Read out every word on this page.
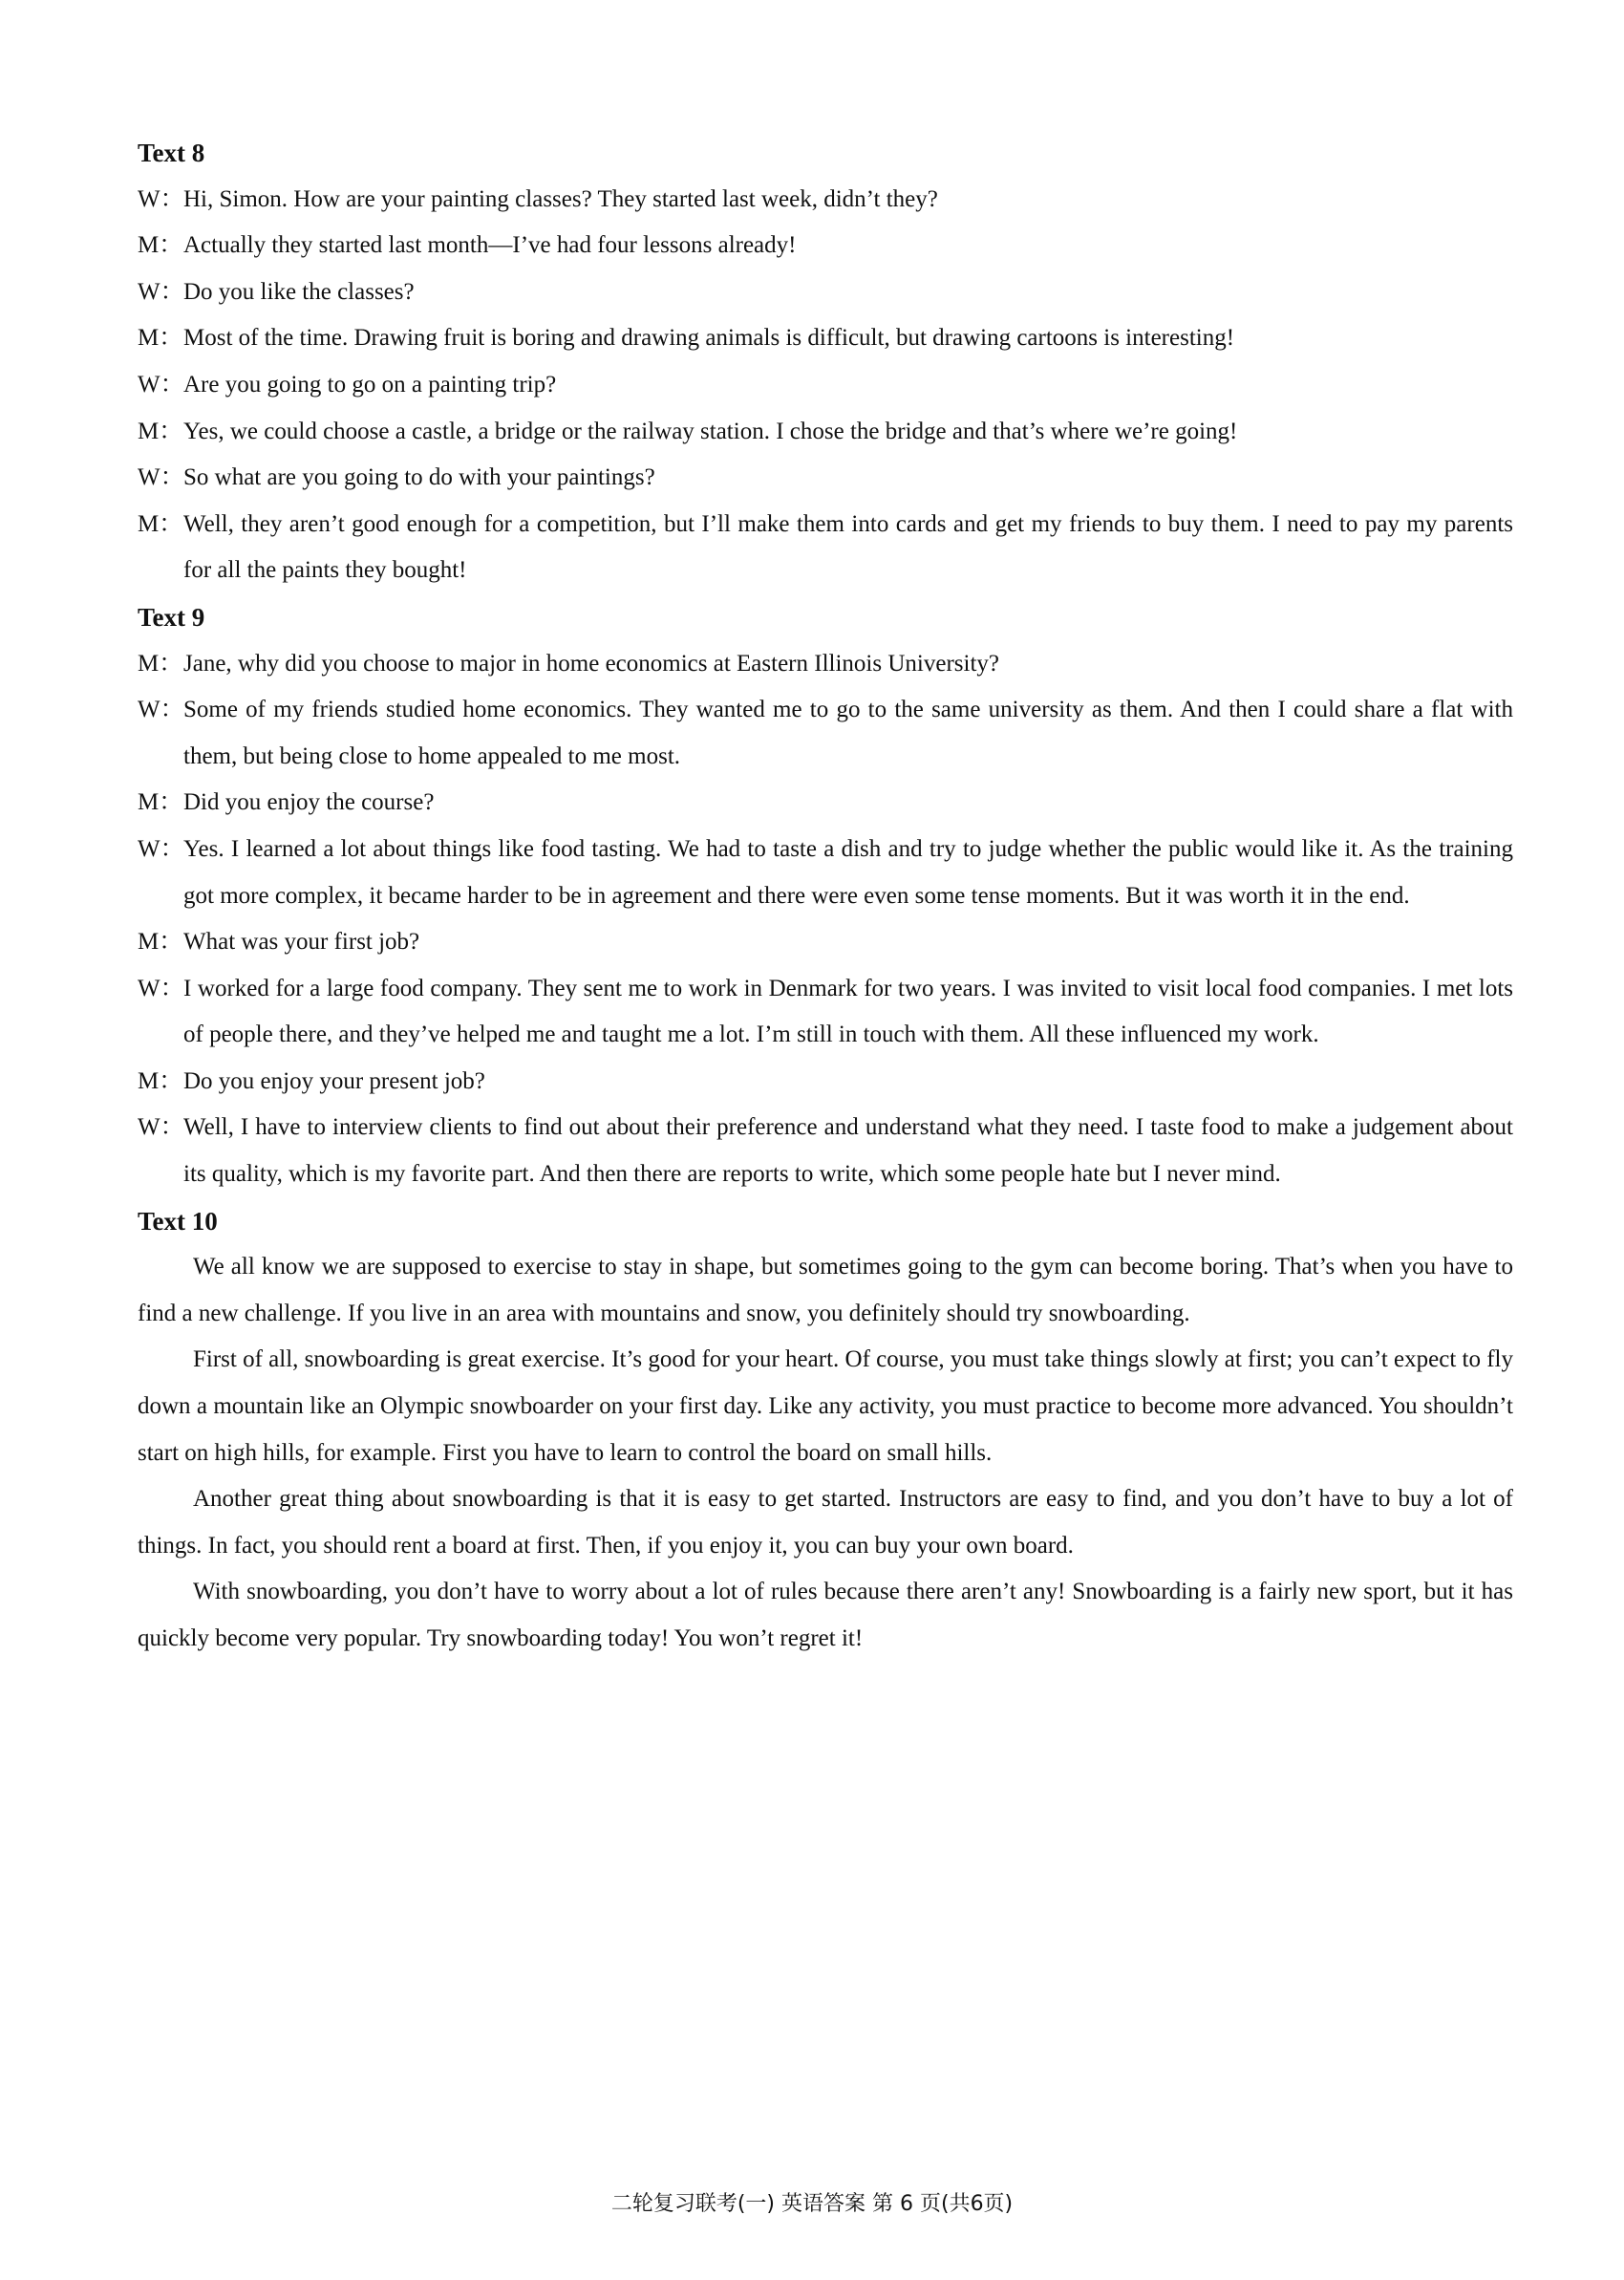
Text 8
W：Hi, Simon. How are your painting classes? They started last week, didn’t they?
M：Actually they started last month—I’ve had four lessons already!
W：Do you like the classes?
M：Most of the time. Drawing fruit is boring and drawing animals is difficult, but drawing cartoons is interesting!
W：Are you going to go on a painting trip?
M：Yes, we could choose a castle, a bridge or the railway station. I chose the bridge and that’s where we’re going!
W：So what are you going to do with your paintings?
M：Well, they aren’t good enough for a competition, but I’ll make them into cards and get my friends to buy them. I need to pay my parents for all the paints they bought!
Text 9
M：Jane, why did you choose to major in home economics at Eastern Illinois University?
W：Some of my friends studied home economics. They wanted me to go to the same university as them. And then I could share a flat with them, but being close to home appealed to me most.
M：Did you enjoy the course?
W：Yes. I learned a lot about things like food tasting. We had to taste a dish and try to judge whether the public would like it. As the training got more complex, it became harder to be in agreement and there were even some tense moments. But it was worth it in the end.
M：What was your first job?
W：I worked for a large food company. They sent me to work in Denmark for two years. I was invited to visit local food companies. I met lots of people there, and they’ve helped me and taught me a lot. I’m still in touch with them. All these influenced my work.
M：Do you enjoy your present job?
W：Well, I have to interview clients to find out about their preference and understand what they need. I taste food to make a judgement about its quality, which is my favorite part. And then there are reports to write, which some people hate but I never mind.
Text 10
We all know we are supposed to exercise to stay in shape, but sometimes going to the gym can become boring. That’s when you have to find a new challenge. If you live in an area with mountains and snow, you definitely should try snowboarding.
First of all, snowboarding is great exercise. It’s good for your heart. Of course, you must take things slowly at first; you can’t expect to fly down a mountain like an Olympic snowboarder on your first day. Like any activity, you must practice to become more advanced. You shouldn’t start on high hills, for example. First you have to learn to control the board on small hills.
Another great thing about snowboarding is that it is easy to get started. Instructors are easy to find, and you don’t have to buy a lot of things. In fact, you should rent a board at first. Then, if you enjoy it, you can buy your own board.
With snowboarding, you don’t have to worry about a lot of rules because there aren’t any! Snowboarding is a fairly new sport, but it has quickly become very popular. Try snowboarding today! You won’t regret it!
二轮复习联考(一) 英语答案 第 6 页(共6页)
